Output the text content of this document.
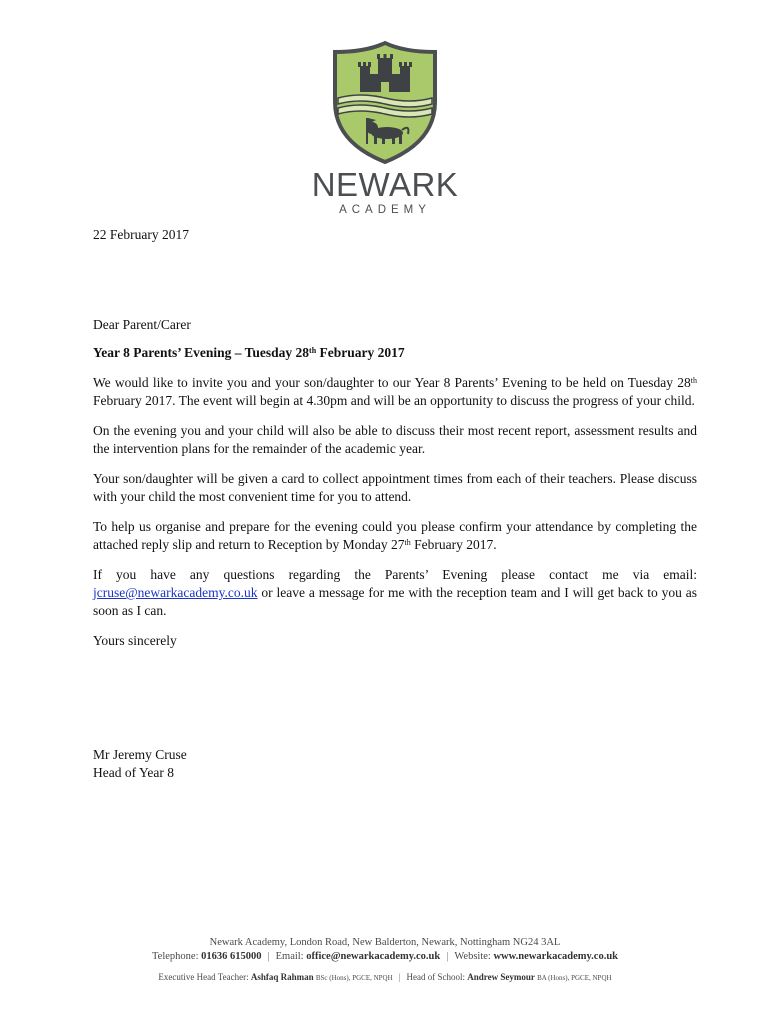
NEWARK
ACADEMY
22 February 2017

Dear Parent/Carer

Year 8 Parents’ Evening – Tuesday 28th February 2017

We would like to invite you and your son/daughter to our Year 8 Parents’ Evening to be held on Tuesday 28th February 2017. The event will begin at 4.30pm and will be an opportunity to discuss the progress of your child.

On the evening you and your child will also be able to discuss their most recent report, assessment results and the intervention plans for the remainder of the academic year.

Your son/daughter will be given a card to collect appointment times from each of their teachers. Please discuss with your child the most convenient time for you to attend.

To help us organise and prepare for the evening could you please confirm your attendance by completing the attached reply slip and return to Reception by Monday 27th February 2017.

If you have any questions regarding the Parents’ Evening please contact me via email: jcruse@newarkacademy.co.uk or leave a message for me with the reception team and I will get back to you as soon as I can.

Yours sincerely

Mr Jeremy Cruse
Head of Year 8
Newark Academy, London Road, New Balderton, Newark, Nottingham NG24 3AL
Telephone: 01636 615000 | Email: office@newarkacademy.co.uk | Website: www.newarkacademy.co.uk
Executive Head Teacher: Ashfaq Rahman BSc (Hons), PGCE, NPQH | Head of School: Andrew Seymour BA (Hons), PGCE, NPQH
